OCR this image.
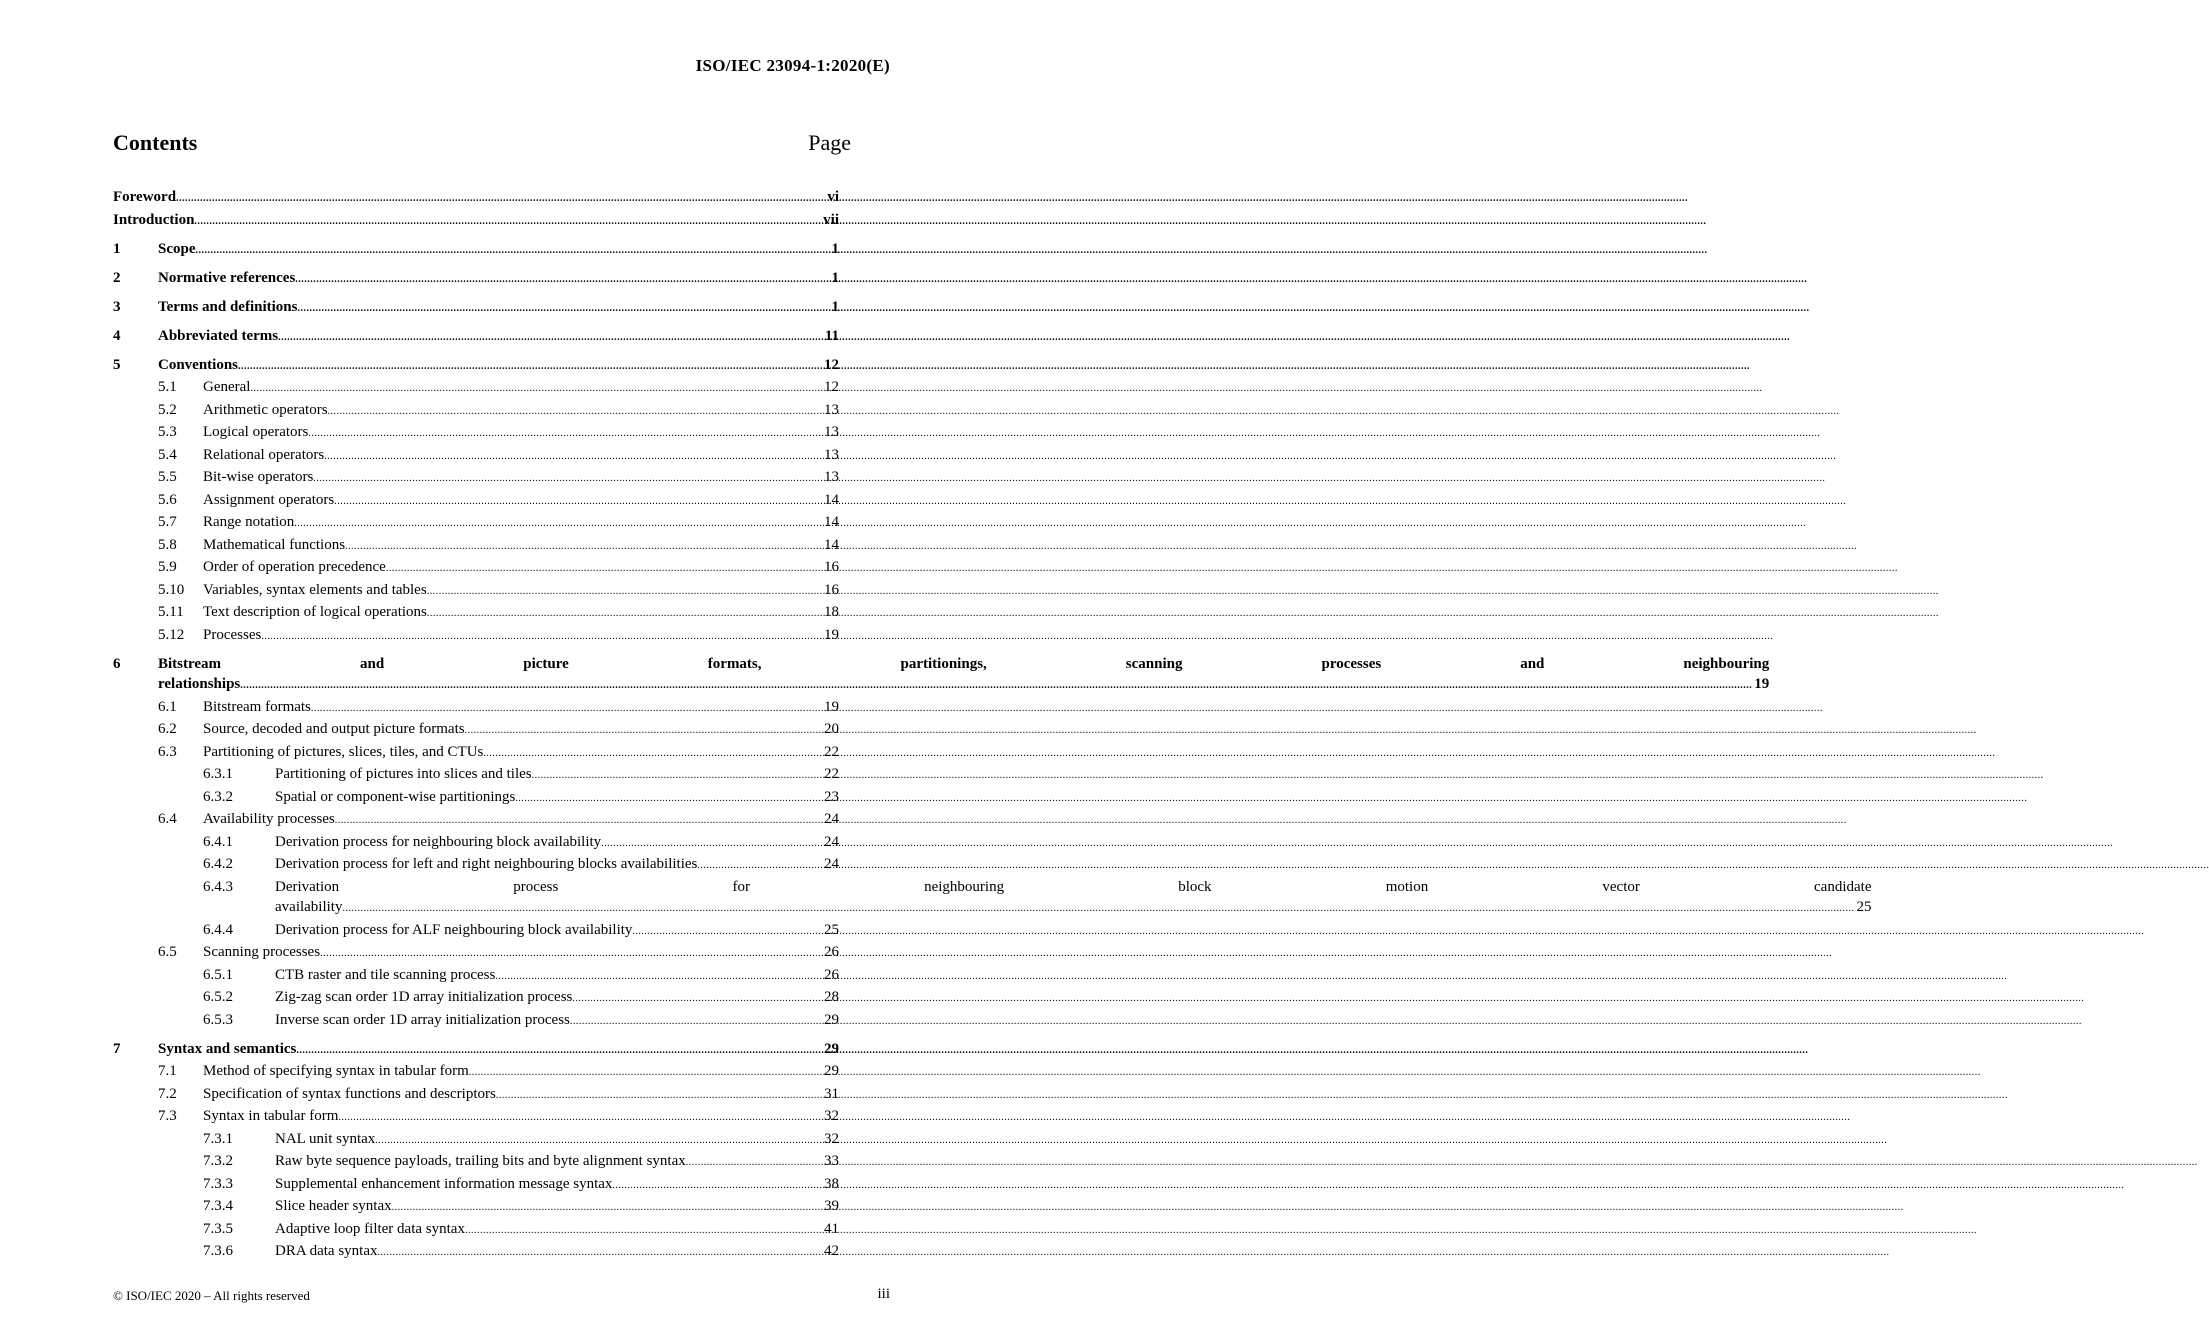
ISO/IEC 23094-1:2020(E)
Contents	Page
Foreword .....	vi
Introduction .....	vii
1	Scope .....	1
2	Normative references .....	1
3	Terms and definitions .....	1
4	Abbreviated terms .....	11
5	Conventions .....	12
5.1	General .....	12
5.2	Arithmetic operators .....	13
5.3	Logical operators .....	13
5.4	Relational operators .....	13
5.5	Bit-wise operators .....	13
5.6	Assignment operators .....	14
5.7	Range notation .....	14
5.8	Mathematical functions .....	14
5.9	Order of operation precedence .....	16
5.10	Variables, syntax elements and tables .....	16
5.11	Text description of logical operations .....	18
5.12	Processes .....	19
6	Bitstream and picture formats, partitionings, scanning processes and neighbouring
relationships .....	19
6.1	Bitstream formats .....	19
6.2	Source, decoded and output picture formats .....	20
6.3	Partitioning of pictures, slices, tiles, and CTUs .....	22
6.3.1	Partitioning of pictures into slices and tiles .....	22
6.3.2	Spatial or component-wise partitionings .....	23
6.4	Availability processes .....	24
6.4.1	Derivation process for neighbouring block availability .....	24
6.4.2	Derivation process for left and right neighbouring blocks availabilities .....	24
6.4.3	Derivation process for neighbouring block motion vector candidate
availability .....	25
6.4.4	Derivation process for ALF neighbouring block availability .....	25
6.5	Scanning processes .....	26
6.5.1	CTB raster and tile scanning process .....	26
6.5.2	Zig-zag scan order 1D array initialization process .....	28
6.5.3	Inverse scan order 1D array initialization process .....	29
7	Syntax and semantics .....	29
7.1	Method of specifying syntax in tabular form .....	29
7.2	Specification of syntax functions and descriptors .....	31
7.3	Syntax in tabular form .....	32
7.3.1	NAL unit syntax .....	32
7.3.2	Raw byte sequence payloads, trailing bits and byte alignment syntax .....	33
7.3.3	Supplemental enhancement information message syntax .....	38
7.3.4	Slice header syntax .....	39
7.3.5	Adaptive loop filter data syntax .....	41
7.3.6	DRA data syntax .....	42
© ISO/IEC 2020 – All rights reserved	iii
